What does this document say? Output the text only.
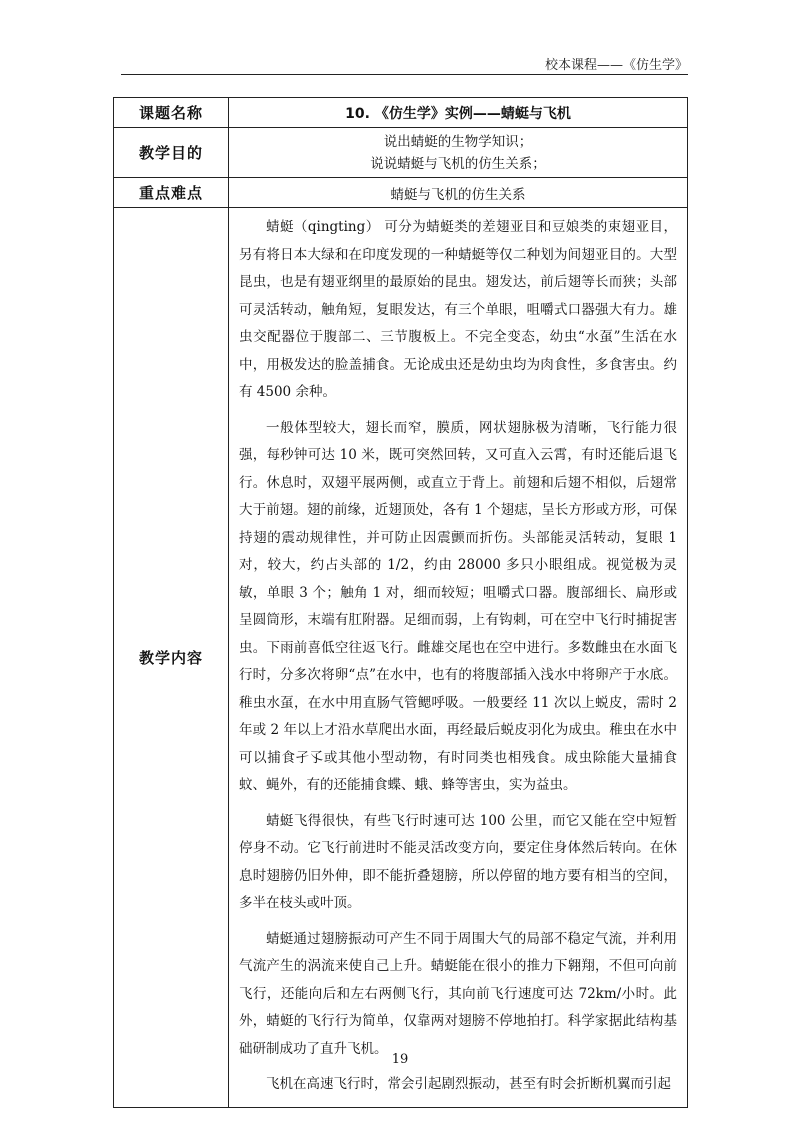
校本课程——《仿生学》
课题名称	10. 《仿生学》实例——蜻蜓与飞机
教学目的	说出蜻蜓的生物学知识；
说说蜻蜓与飞机的仿生关系；

重点难点	蜻蜓与飞机的仿生关系
教学内容	蜻蜓（qingting） 可分为蜻蜓类的差翅亚目和豆娘类的束翅亚目，另有将日本大绿和在印度发现的一种蜻蜓等仅二种划为间翅亚目的。大型昆虫，也是有翅亚纲里的最原始的昆虫。翅发达，前后翅等长而狭；头部可灵活转动，触角短，复眼发达，有三个单眼，咀嚼式口器强大有力。雄虫交配器位于腹部二、三节腹板上。不完全变态，幼虫“水虿”生活在水中，用极发达的脸盖捕食。无论成虫还是幼虫均为肉食性，多食害虫。约有 4500 余种。

一般体型较大，翅长而窄，膜质，网状翅脉极为清晰，飞行能力很强，每秒钟可达 10 米，既可突然回转，又可直入云霄，有时还能后退飞行。休息时，双翅平展两侧，或直立于背上。前翅和后翅不相似，后翅常大于前翅。翅的前缘，近翅顶处，各有 1 个翅痣，呈长方形或方形，可保持翅的震动规律性，并可防止因震颤而折伤。头部能灵活转动，复眼 1 对，较大，约占头部的 1/2，约由 28000 多只小眼组成。视觉极为灵敏，单眼 3 个；触角 1 对，细而较短；咀嚼式口器。腹部细长、扁形或呈圆筒形，末端有肛附器。足细而弱，上有钩刺，可在空中飞行时捕捉害虫。下雨前喜低空往返飞行。雌雄交尾也在空中进行。多数雌虫在水面飞行时，分多次将卵“点”在水中，也有的将腹部插入浅水中将卵产于水底。稚虫水虿，在水中用直肠气管鳃呼吸。一般要经 11 次以上蜕皮，需时 2 年或 2 年以上才沿水草爬出水面，再经最后蜕皮羽化为成虫。稚虫在水中可以捕食孑孓或其他小型动物，有时同类也相残食。成虫除能大量捕食蚊、蝇外，有的还能捕食蝶、蛾、蜂等害虫，实为益虫。

蜻蜓飞得很快，有些飞行时速可达 100 公里，而它又能在空中短暂停身不动。它飞行前进时不能灵活改变方向，要定住身体然后转向。在休息时翅膀仍旧外伸，即不能折叠翅膀，所以停留的地方要有相当的空间，多半在枝头或叶顶。

蜻蜓通过翅膀振动可产生不同于周围大气的局部不稳定气流，并利用气流产生的涡流来使自己上升。蜻蜓能在很小的推力下翱翔，不但可向前飞行，还能向后和左右两侧飞行，其向前飞行速度可达 72km/小时。此外，蜻蜓的飞行行为简单，仅靠两对翅膀不停地拍打。科学家据此结构基础研制成功了直升飞机。

飞机在高速飞行时，常会引起剧烈振动，甚至有时会折断机翼而引起

19
